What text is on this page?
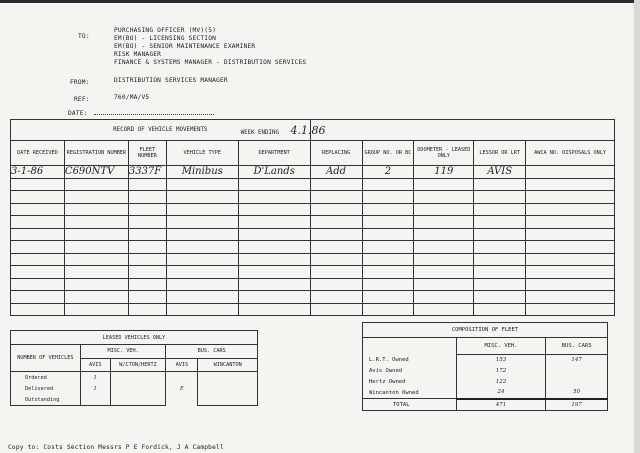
TO:
PURCHASING OFFICER (MV)(5)
EM(BO) - LICENSING SECTION
EM(BO) - SENIOR MAINTENANCE EXAMINER
RISK MANAGER
FINANCE & SYSTEMS MANAGER - DISTRIBUTION SERVICES
FROM:	DISTRIBUTION SERVICES MANAGER
REF:	760/MA/V5
DATE:
RECORD OF VEHICLE MOVEMENTS					WEEK ENDING 4.1.86				
DATE RECEIVED	REGISTRATION NUMBER	FLEET NUMBER	VEHICLE TYPE	DEPARTMENT	REPLACING	GROUP NO. OR BC	ODOMETER - LEASED ONLY	LESSOR OR LRT	AWCA NO. DISPOSALS ONLY
3-1-86	C690NTV	3337F	Minibus	D'Lands	Add	2	119	AVIS	

LEASED VEHICLES ONLY				
NUMBER OF VEHICLES	MISC. VEH.		BUS. CARS	
	AVIS	W/CTON/HERTZ	AVIS	WINCANTON
Ordered	1		E	
Delivered	1			
Outstanding				
COMPOSITION OF FLEET		
	MISC. VEH.	BUS. CARS
L.R.T. Owned	153	147
Avis Owned	172	
Hertz Owned	122	
Wincanton Owned	24	50
TOTAL	471	197
Copy to: Costs Section Messrs P E Fordick, J A Campbell
